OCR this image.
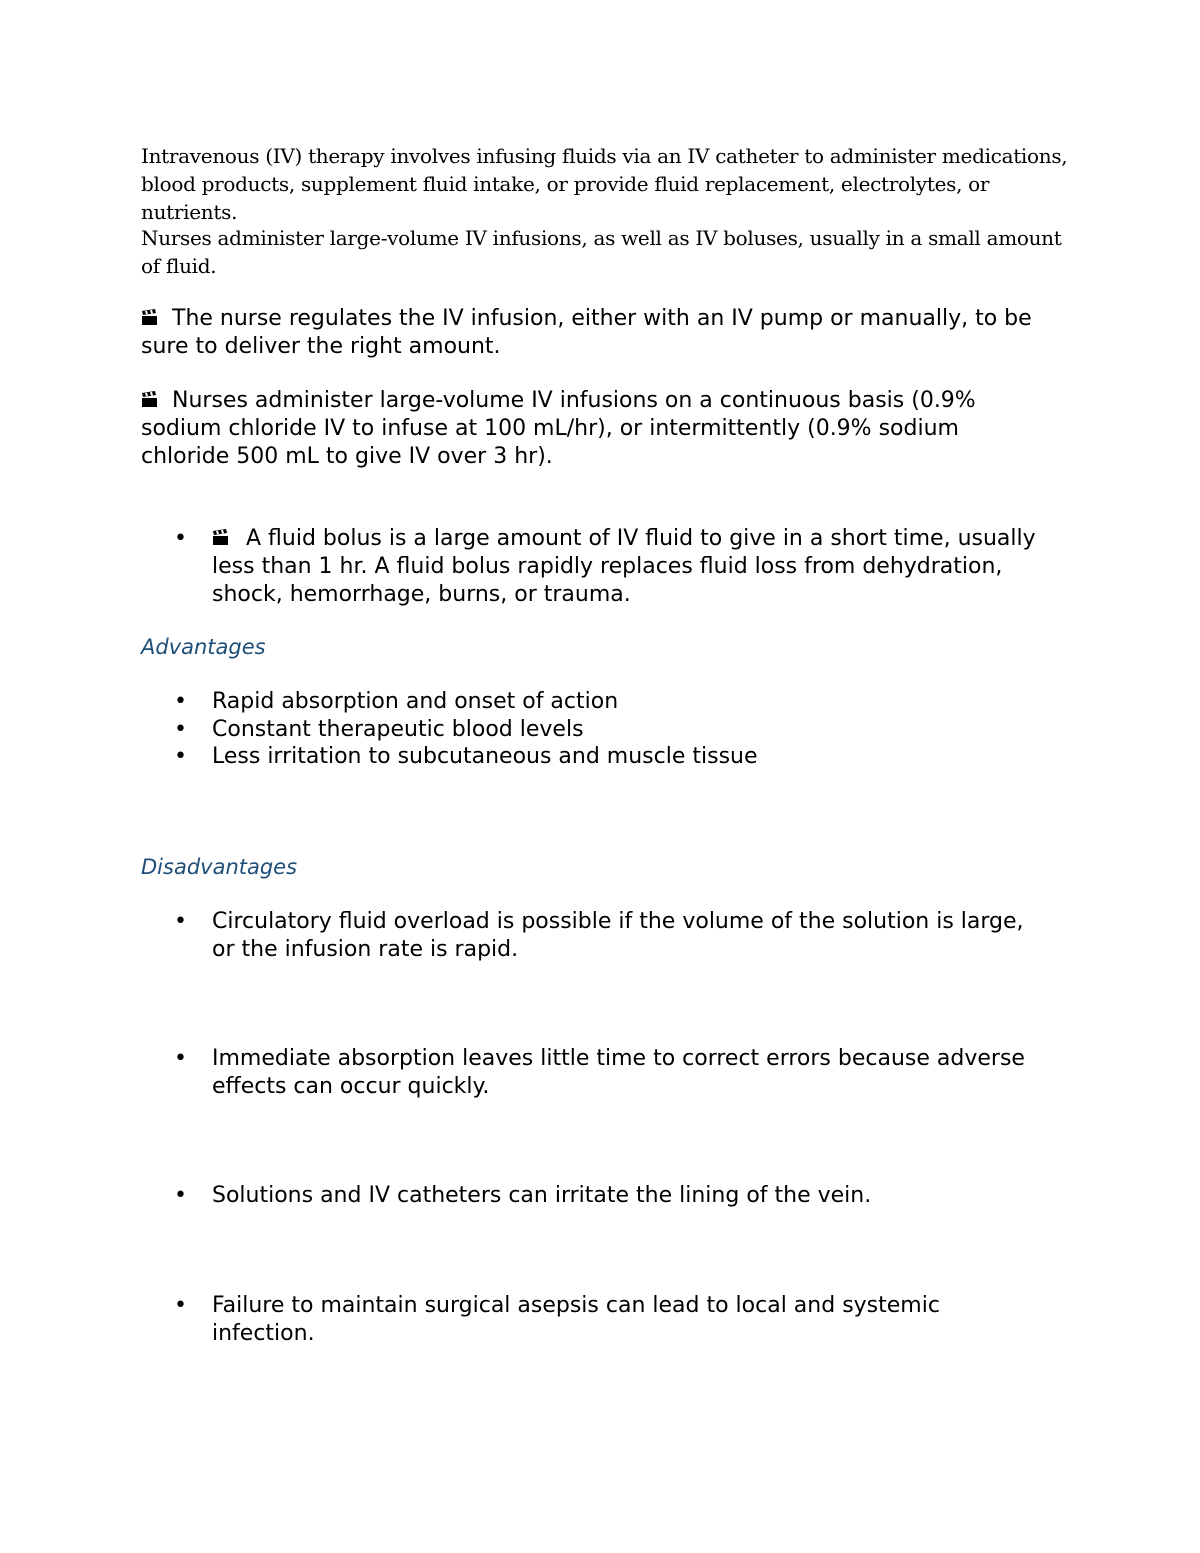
Intravenous (IV) therapy involves infusing fluids via an IV catheter to administer medications, blood products, supplement fluid intake, or provide fluid replacement, electrolytes, or nutrients.

Nurses administer large-volume IV infusions, as well as IV boluses, usually in a small amount of fluid.

The nurse regulates the IV infusion, either with an IV pump or manually, to be sure to deliver the right amount.
Nurses administer large-volume IV infusions on a continuous basis (0.9% sodium chloride IV to infuse at 100 mL/hr), or intermittently (0.9% sodium chloride 500 mL to give IV over 3 hr).
•	A fluid bolus is a large amount of IV fluid to give in a short time, usually less than 1 hr. A fluid bolus rapidly replaces fluid loss from dehydration, shock, hemorrhage, burns, or trauma.
Advantages
• Rapid absorption and onset of action
• Constant therapeutic blood levels
• Less irritation to subcutaneous and muscle tissue
Disadvantages
• Circulatory fluid overload is possible if the volume of the solution is large, or the infusion rate is rapid.
• Immediate absorption leaves little time to correct errors because adverse effects can occur quickly.
• Solutions and IV catheters can irritate the lining of the vein.
• Failure to maintain surgical asepsis can lead to local and systemic infection.
